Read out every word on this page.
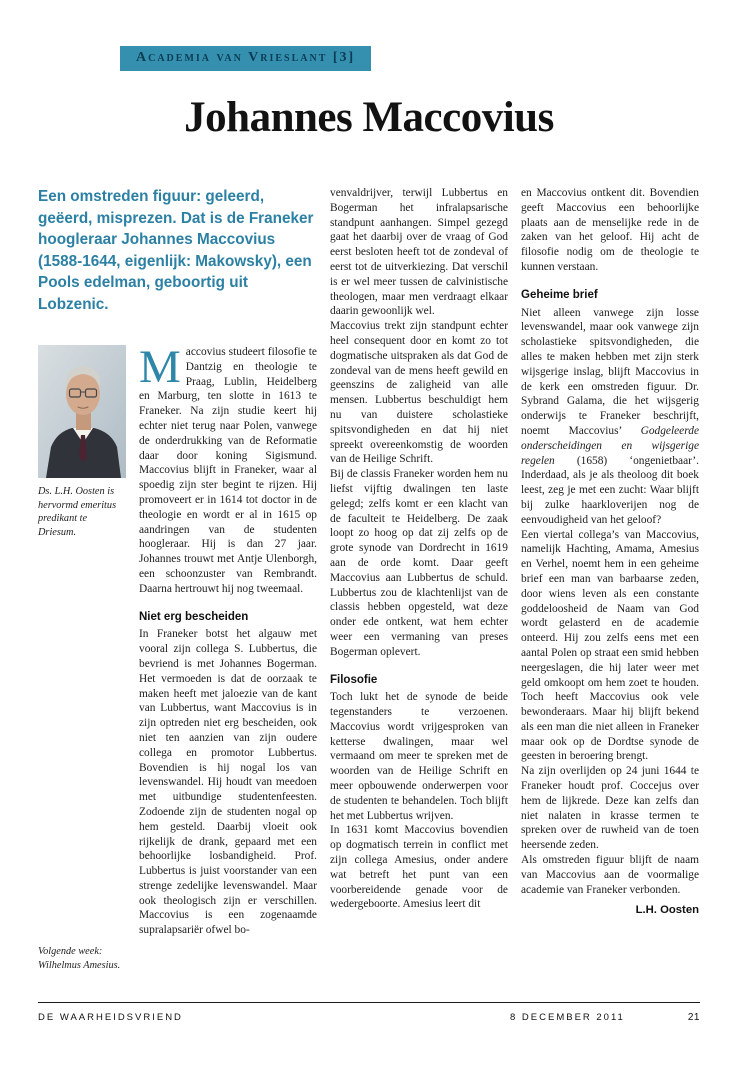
Academia van Vrieslant [3]
Johannes Maccovius

Een omstreden figuur: geleerd, geëerd, misprezen. Dat is de Franeker hoogleraar Johannes Maccovius (1588-1644, eigenlijk: Makowsky), een Pools edelman, geboortig uit Lobzenic.

Ds. L.H. Oosten is hervormd emeritus predikant te Driesum.
Volgende week:
Wilhelmus Amesius.

Maccovius studeert filosofie te Dantzig en theologie te Praag, Lublin, Heidelberg en Marburg, ten slotte in 1613 te Franeker. Na zijn studie keert hij echter niet terug naar Polen, vanwege de onderdrukking van de Reformatie daar door koning Sigismund. Maccovius blijft in Franeker, waar al spoedig zijn ster begint te rijzen. Hij promoveert er in 1614 tot doctor in de theologie en wordt er al in 1615 op aandringen van de studenten hoogleraar. Hij is dan 27 jaar. Johannes trouwt met Antje Ulenborgh, een schoonzuster van Rembrandt. Daarna hertrouwt hij nog tweemaal.

Niet erg bescheiden

In Franeker botst het algauw met vooral zijn collega S. Lubbertus, die bevriend is met Johannes Bogerman. Het vermoeden is dat de oorzaak te maken heeft met jaloezie van de kant van Lubbertus, want Maccovius is in zijn optreden niet erg bescheiden, ook niet ten aanzien van zijn oudere collega en promotor Lubbertus. Bovendien is hij nogal los van levenswandel. Hij houdt van meedoen met uitbundige studentenfeesten. Zodoende zijn de studenten nogal op hem gesteld. Daarbij vloeit ook rijkelijk de drank, gepaard met een behoorlijke losbandigheid. Prof. Lubbertus is juist voorstander van een strenge zedelijke levenswandel. Maar ook theologisch zijn er verschillen. Maccovius is een zogenaamde supralapsariër ofwel bo-

venvaldrijver, terwijl Lubbertus en Bogerman het infralapsarische standpunt aanhangen. Simpel gezegd gaat het daarbij over de vraag of God eerst besloten heeft tot de zondeval of eerst tot de uitverkiezing. Dat verschil is er wel meer tussen de calvinistische theologen, maar men verdraagt elkaar daarin gewoonlijk wel.

Maccovius trekt zijn standpunt echter heel consequent door en komt zo tot dogmatische uitspraken als dat God de zondeval van de mens heeft gewild en geenszins de zaligheid van alle mensen. Lubbertus beschuldigt hem nu van duistere scholastieke spitsvondigheden en dat hij niet spreekt overeenkomstig de woorden van de Heilige Schrift.

Bij de classis Franeker worden hem nu liefst vijftig dwalingen ten laste gelegd; zelfs komt er een klacht van de faculteit te Heidelberg. De zaak loopt zo hoog op dat zij zelfs op de grote synode van Dordrecht in 1619 aan de orde komt. Daar geeft Maccovius aan Lubbertus de schuld. Lubbertus zou de klachtenlijst van de classis hebben opgesteld, wat deze onder ede ontkent, wat hem echter weer een vermaning van preses Bogerman oplevert.

Filosofie

Toch lukt het de synode de beide tegenstanders te verzoenen. Maccovius wordt vrijgesproken van ketterse dwalingen, maar wel vermaand om meer te spreken met de woorden van de Heilige Schrift en meer opbouwende onderwerpen voor de studenten te behandelen. Toch blijft het met Lubbertus wrijven.

In 1631 komt Maccovius bovendien op dogmatisch terrein in conflict met zijn collega Amesius, onder andere wat betreft het punt van een voorbereidende genade voor de wedergeboorte. Amesius leert dit

en Maccovius ontkent dit. Bovendien geeft Maccovius een behoorlijke plaats aan de menselijke rede in de zaken van het geloof. Hij acht de filosofie nodig om de theologie te kunnen verstaan.

Geheime brief

Niet alleen vanwege zijn losse levenswandel, maar ook vanwege zijn scholastieke spitsvondigheden, die alles te maken hebben met zijn sterk wijsgerige inslag, blijft Maccovius in de kerk een omstreden figuur. Dr. Sybrand Galama, die het wijsgerig onderwijs te Franeker beschrijft, noemt Maccovius’ Godgeleerde onderscheidingen en wijsgerige regelen (1658) ‘ongenietbaar’. Inderdaad, als je als theoloog dit boek leest, zeg je met een zucht: Waar blijft bij zulke haarkloverijen nog de eenvoudigheid van het geloof?

Een viertal collega’s van Maccovius, namelijk Hachting, Amama, Amesius en Verhel, noemt hem in een geheime brief een man van barbaarse zeden, door wiens leven als een constante goddeloosheid de Naam van God wordt gelasterd en de academie onteerd. Hij zou zelfs eens met een aantal Polen op straat een smid hebben neergeslagen, die hij later weer met geld omkoopt om hem zoet te houden. Toch heeft Maccovius ook vele bewonderaars. Maar hij blijft bekend als een man die niet alleen in Franeker maar ook op de Dordtse synode de geesten in beroering brengt.

Na zijn overlijden op 24 juni 1644 te Franeker houdt prof. Coccejus over hem de lijkrede. Deze kan zelfs dan niet nalaten in krasse termen te spreken over de ruwheid van de toen heersende zeden.

Als omstreden figuur blijft de naam van Maccovius aan de voormalige academie van Franeker verbonden.

L.H. Oosten

DE WAARHEIDSVRIEND	8 DECEMBER 2011	21
